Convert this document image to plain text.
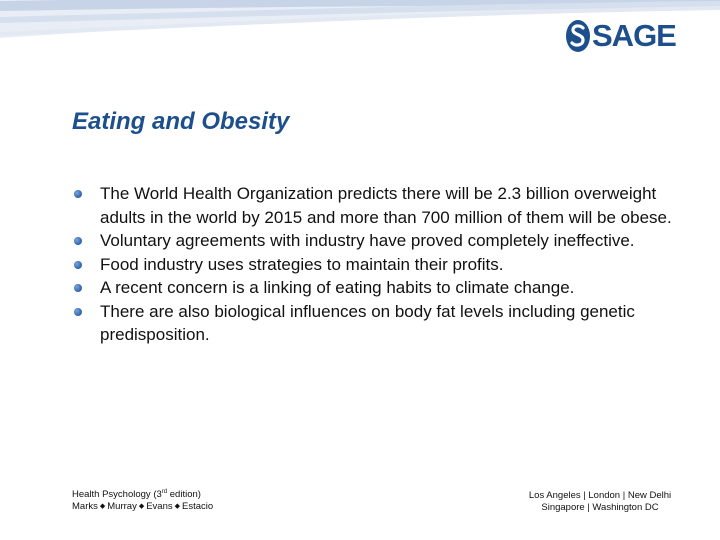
SAGE
Eating and Obesity
The World Health Organization predicts there will be 2.3 billion overweight adults in the world by 2015 and more than 700 million of them will be obese.
Voluntary agreements with industry have proved completely ineffective.
Food industry uses strategies to maintain their profits.
A recent concern is a linking of eating habits to climate change.
There are also biological influences on body fat levels including genetic predisposition.
Health Psychology (3rd edition)
Marks ◆ Murray ◆ Evans ◆ Estacio
Los Angeles | London | New Delhi
Singapore | Washington DC
